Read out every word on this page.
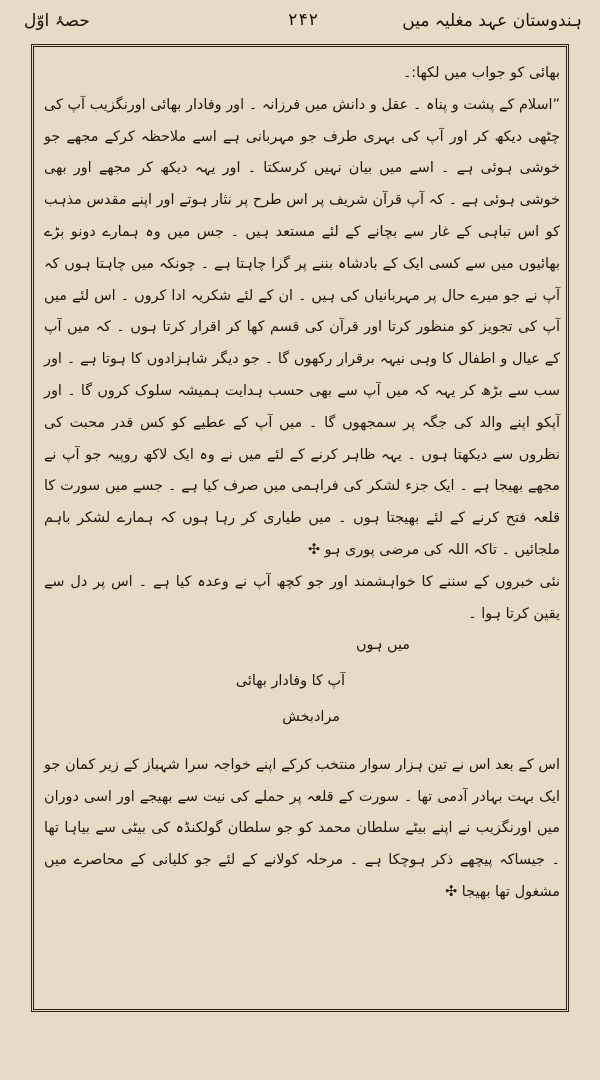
ہندوستان عہد مغلیہ میں
۲۴۲
حصۂ اوّل

بھائی کو جواب میں لکھا:۔

”اسلام کے پشت و پناہ ۔ عقل و دانش میں فرزانہ ۔ اور وفادار بھائی اورنگزیب آپ کی چٹھی دیکھ کر اور آپ کی بہری طرف جو مہربانی ہے اسے ملاحظہ کرکے مجھے جو خوشی ہوئی ہے ۔ اسے میں بیان نہیں کرسکتا ۔ اور یہہ دیکھ کر مجھے اور بھی خوشی ہوئی ہے ۔ کہ آپ قرآن شریف پر اس طرح پر نثار ہوتے اور اپنے مقدس مذہب کو اس تباہی کے غار سے بچانے کے لئے مستعد ہیں ۔ جس میں وہ ہمارے دونو بڑے بھائیوں میں سے کسی ایک کے بادشاہ بننے پر گرا چاہتا ہے ۔ چونکہ میں چاہتا ہوں کہ آپ نے جو میرے حال پر مہربانیاں کی ہیں ۔ ان کے لئے شکریہ ادا کروں ۔ اس لئے میں آپ کی تجویز کو منظور کرتا اور قرآن کی قسم کھا کر اقرار کرتا ہوں ۔ کہ میں آپ کے عیال و اطفال کا وہی نیہہ برقرار رکھوں گا ۔ جو دیگر شاہزادوں کا ہوتا ہے ۔ اور سب سے بڑھ کر یہہ کہ میں آپ سے بھی حسب ہدایت ہمیشہ سلوک کروں گا ۔ اور آپکو اپنے والد کی جگہ پر سمجھوں گا ۔ میں آپ کے عطیے کو کس قدر محبت کی نظروں سے دیکھتا ہوں ۔ یہہ ظاہر کرنے کے لئے میں نے وہ ایک لاکھ روپیہ جو آپ نے مجھے بھیجا ہے ۔ ایک جزء لشکر کی فراہمی میں صرف کیا ہے ۔ جسے میں سورت کا قلعہ فتح کرنے کے لئے بھیجتا ہوں ۔ میں طیاری کر رہا ہوں کہ ہمارے لشکر باہم ملجائیں ۔ تاکہ اللہ کی مرضی پوری ہو ✣

نئی خبروں کے سننے کا خواہشمند اور جو کچھ آپ نے وعدہ کیا ہے ۔ اس پر دل سے یقین کرتا ہوا ۔

میں ہوں

آپ کا وفادار بھائی

مرادبخش

اس کے بعد اس نے تین ہزار سوار منتخب کرکے اپنے خواجہ سرا شہباز کے زیر کمان جو ایک بہت بہادر آدمی تھا ۔ سورت کے قلعہ پر حملے کی نیت سے بھیجے اور اسی دوران میں اورنگزیب نے اپنے بیٹے سلطان محمد کو جو سلطان گولکنڈہ کی بیٹی سے بیاہا تھا ۔ جیساکہ پیچھے ذکر ہوچکا ہے ۔ مرحلہ کولانے کے لئے جو کلیانی کے محاصرے میں مشغول تھا بھیجا ✣
